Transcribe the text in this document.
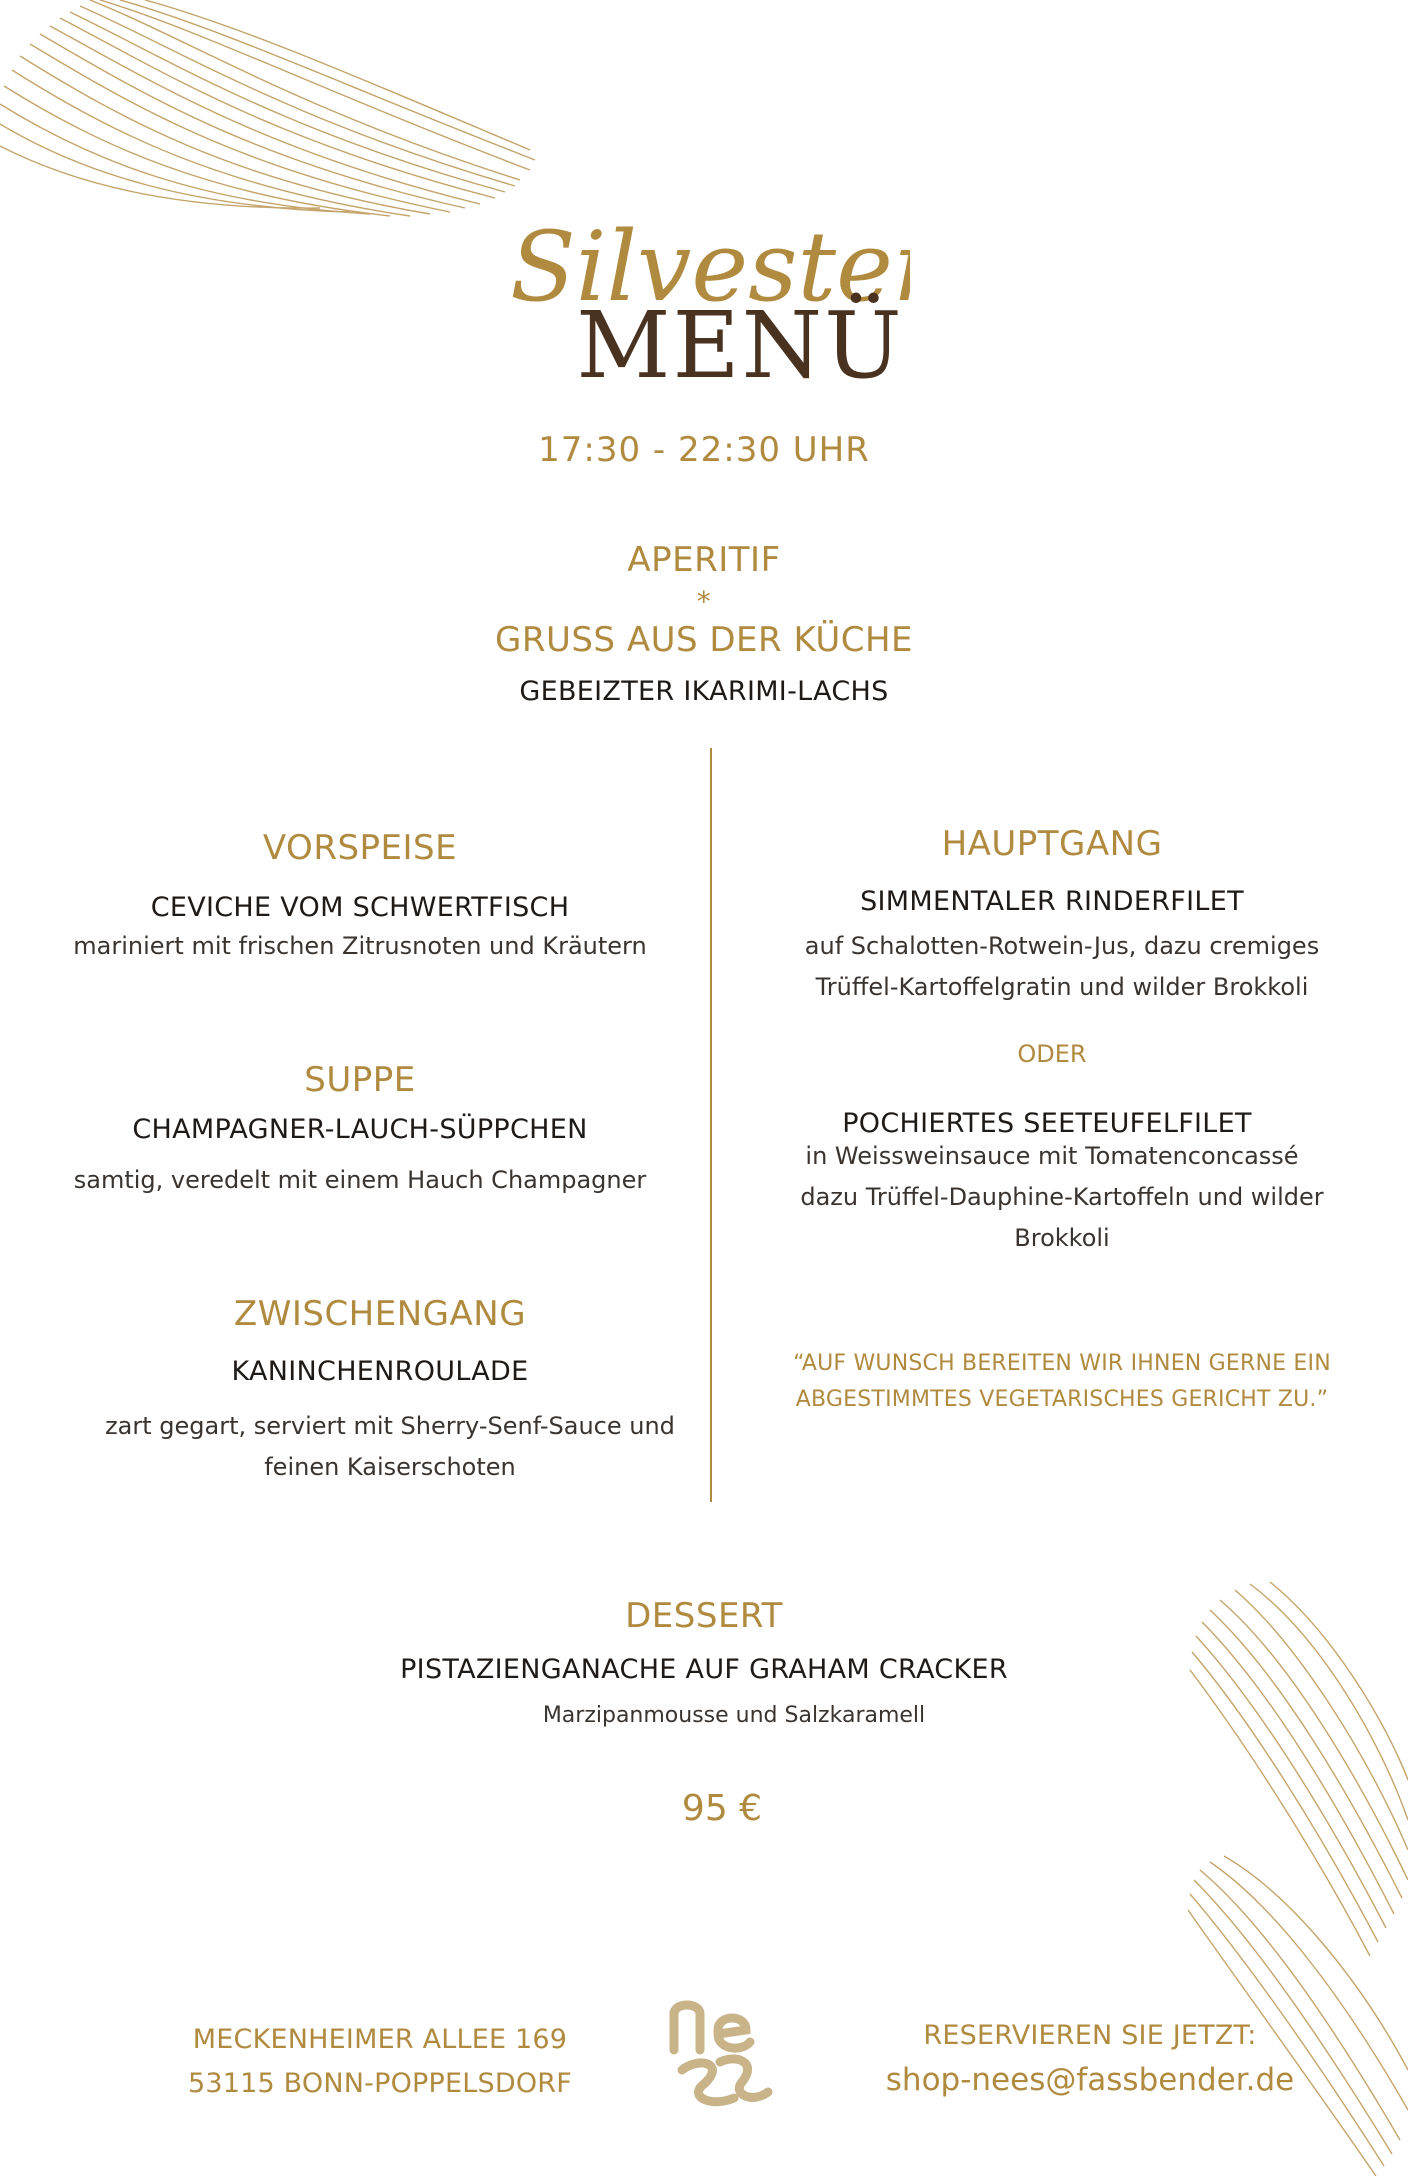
Silvester
MENÜ
17:30 - 22:30 UHR
APERITIF
*
GRUSS AUS DER KÜCHE
GEBEIZTER IKARIMI-LACHS
VORSPEISE
CEVICHE VOM SCHWERTFISCH
mariniert mit frischen Zitrusnoten und Kräutern
SUPPE
CHAMPAGNER-LAUCH-SÜPPCHEN
samtig, veredelt mit einem Hauch Champagner
ZWISCHENGANG
KANINCHENROULADE
zart gegart, serviert mit Sherry-Senf-Sauce und
feinen Kaiserschoten
HAUPTGANG
SIMMENTALER RINDERFILET
auf Schalotten-Rotwein-Jus, dazu cremiges
Trüffel-Kartoffelgratin und wilder Brokkoli
ODER
POCHIERTES SEETEUFELFILET
in Weissweinsauce mit Tomatenconcassé
dazu Trüffel-Dauphine-Kartoffeln und wilder
Brokkoli
“AUF WUNSCH BEREITEN WIR IHNEN GERNE EIN
ABGESTIMMTES VEGETARISCHES GERICHT ZU.”
DESSERT
PISTAZIENGANACHE AUF GRAHAM CRACKER
Marzipanmousse und Salzkaramell
95 €
MECKENHEIMER ALLEE 169
53115 BONN-POPPELSDORF
RESERVIEREN SIE JETZT:
shop-nees@fassbender.de
